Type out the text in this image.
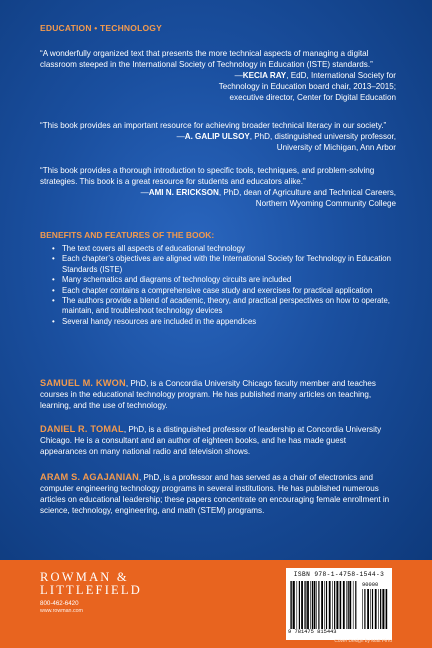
EDUCATION • TECHNOLOGY
“A wonderfully organized text that presents the more technical aspects of managing a digital classroom steeped in the International Society of Technology in Education (ISTE) standards.”
—KECIA RAY, EdD, International Society for
Technology in Education board chair, 2013–2015;
executive director, Center for Digital Education
“This book provides an important resource for achieving broader technical literacy in our society.”
—A. GALIP ULSOY, PhD, distinguished university professor,
University of Michigan, Ann Arbor
“This book provides a thorough introduction to specific tools, techniques, and problem-solving strategies. This book is a great resource for students and educators alike.”
—AMI N. ERICKSON, PhD, dean of Agriculture and Technical Careers,
Northern Wyoming Community College
BENEFITS AND FEATURES OF THE BOOK:
• The text covers all aspects of educational technology
• Each chapter’s objectives are aligned with the International Society for Technology in Education Standards (ISTE)
• Many schematics and diagrams of technology circuits are included
• Each chapter contains a comprehensive case study and exercises for practical application
• The authors provide a blend of academic, theory, and practical perspectives on how to operate, maintain, and troubleshoot technology devices
• Several handy resources are included in the appendices
SAMUEL M. KWON, PhD, is a Concordia University Chicago faculty member and teaches courses in the educational technology program. He has published many articles on teaching, learning, and the use of technology.
DANIEL R. TOMAL, PhD, is a distinguished professor of leadership at Concordia University Chicago. He is a consultant and an author of eighteen books, and he has made guest appearances on many national radio and television shows.
ARAM S. AGAJANIAN, PhD, is a professor and has served as a chair of electronics and computer engineering technology programs in several institutions. He has published numerous articles on educational leadership; these papers concentrate on encouraging female enrollment in science, technology, engineering, and math (STEM) programs.
ROWMAN &
LITTLEFIELD
800-462-6420
www.rowman.com
ISBN 978-1-4758-1544-3
90000
9 781475 815443
Cover Design by Matt Pirro
